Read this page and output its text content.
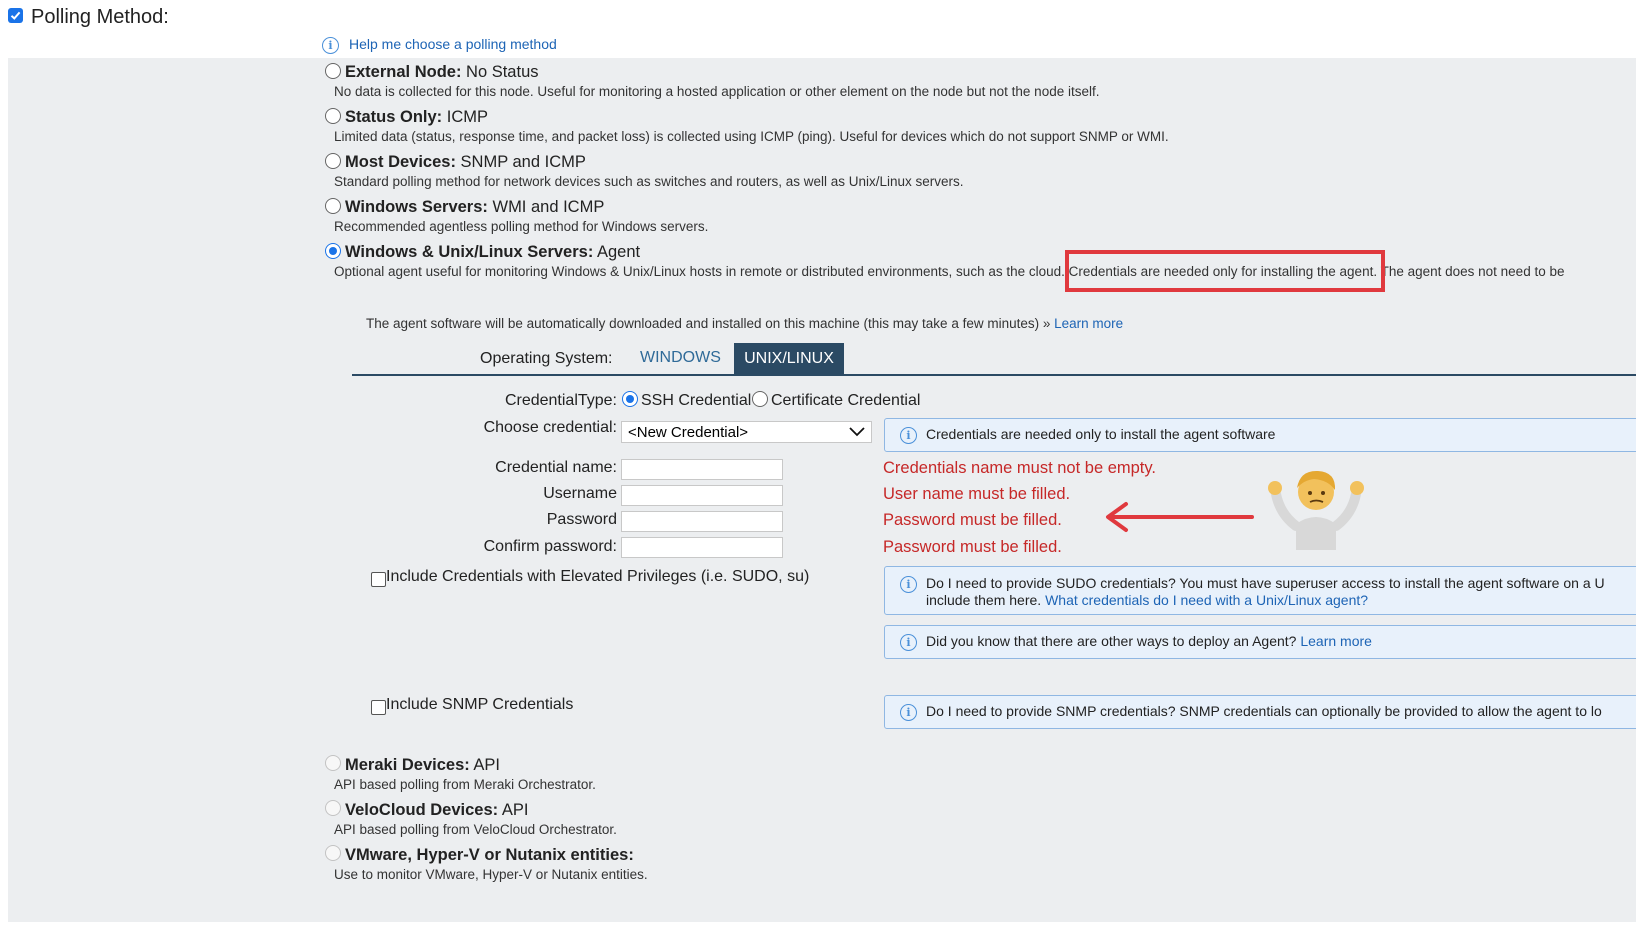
Polling Method:
i	Help me choose a polling method
External Node: No Status
No data is collected for this node. Useful for monitoring a hosted application or other element on the node but not the node itself.
Status Only: ICMP
Limited data (status, response time, and packet loss) is collected using ICMP (ping). Useful for devices which do not support SNMP or WMI.
Most Devices: SNMP and ICMP
Standard polling method for network devices such as switches and routers, as well as Unix/Linux servers.
Windows Servers: WMI and ICMP
Recommended agentless polling method for Windows servers.
Windows & Unix/Linux Servers: Agent
Optional agent useful for monitoring Windows & Unix/Linux hosts in remote or distributed environments, such as the cloud. Credentials are needed only for installing the agent. The agent does not need to be
The agent software will be automatically downloaded and installed on this machine (this may take a few minutes) » Learn more
Operating System: WINDOWS	UNIX/LINUX
CredentialType: SSH Credential Certificate Credential
Choose credential: <New Credential>
Credential name:
Username
Password
Confirm password:
Credentials name must not be empty.
User name must be filled.
Password must be filled.
Password must be filled.
i	Credentials are needed only to install the agent software
Include Credentials with Elevated Privileges (i.e. SUDO, su)	i	Do I need to provide SUDO credentials? You must have superuser access to install the agent software on a U
include them here. What credentials do I need with a Unix/Linux agent?
i	Did you know that there are other ways to deploy an Agent? Learn more
Include SNMP Credentials	i	Do I need to provide SNMP credentials? SNMP credentials can optionally be provided to allow the agent to lo
Meraki Devices: API
API based polling from Meraki Orchestrator.
VeloCloud Devices: API
API based polling from VeloCloud Orchestrator.
VMware, Hyper-V or Nutanix entities:
Use to monitor VMware, Hyper-V or Nutanix entities.
